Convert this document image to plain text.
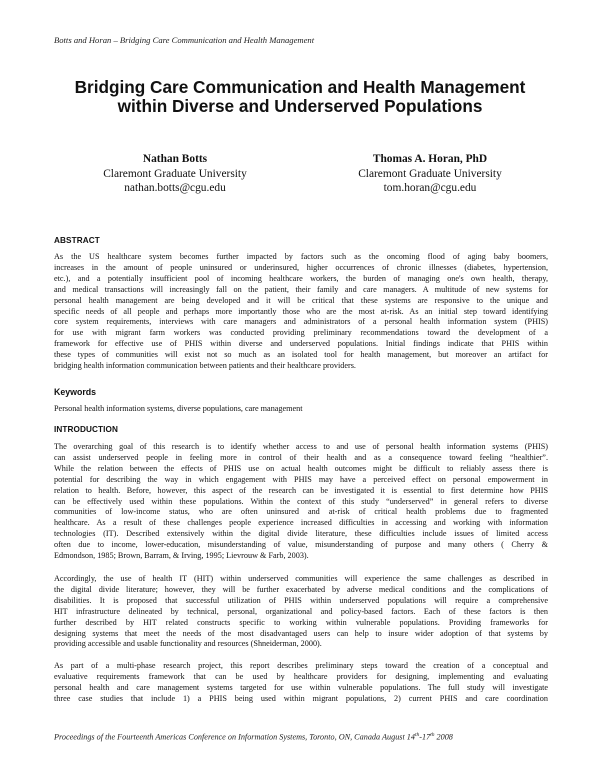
Botts and Horan – Bridging Care Communication and Health Management
Bridging Care Communication and Health Management
within Diverse and Underserved Populations
Nathan Botts
Claremont Graduate University
nathan.botts@cgu.edu
Thomas A. Horan, PhD
Claremont Graduate University
tom.horan@cgu.edu
ABSTRACT
As the US healthcare system becomes further impacted by factors such as the oncoming flood of aging baby boomers,
increases in the amount of people uninsured or underinsured, higher occurrences of chronic illnesses (diabetes, hypertension,
etc.), and a potentially insufficient pool of incoming healthcare workers, the burden of managing one's own health, therapy,
and medical transactions will increasingly fall on the patient, their family and care managers. A multitude of new systems for
personal health management are being developed and it will be critical that these systems are responsive to the unique and
specific needs of all people and perhaps more importantly those who are the most at-risk. As an initial step toward identifying
core system requirements, interviews with care managers and administrators of a personal health information system (PHIS)
for use with migrant farm workers was conducted providing preliminary recommendations toward the development of a
framework for effective use of PHIS within diverse and underserved populations. Initial findings indicate that PHIS within
these types of communities will exist not so much as an isolated tool for health management, but moreover an artifact for
bridging health information communication between patients and their healthcare providers.
Keywords
Personal health information systems, diverse populations, care management
INTRODUCTION
The overarching goal of this research is to identify whether access to and use of personal health information systems (PHIS)
can assist underserved people in feeling more in control of their health and as a consequence toward feeling “healthier”.
While the relation between the effects of PHIS use on actual health outcomes might be difficult to reliably assess there is
potential for describing the way in which engagement with PHIS may have a perceived effect on personal empowerment in
relation to health. Before, however, this aspect of the research can be investigated it is essential to first determine how PHIS
can be effectively used within these populations. Within the context of this study “underserved” in general refers to diverse
communities of low-income status, who are often uninsured and at-risk of critical health problems due to fragmented
healthcare. As a result of these challenges people experience increased difficulties in accessing and working with information
technologies (IT). Described extensively within the digital divide literature, these difficulties include issues of limited access
often due to income, lower-education, misunderstanding of value, misunderstanding of purpose and many others ( Cherry &
Edmondson, 1985; Brown, Barram, & Irving, 1995; Lievrouw & Farb, 2003).
Accordingly, the use of health IT (HIT) within underserved communities will experience the same challenges as described in
the digital divide literature; however, they will be further exacerbated by adverse medical conditions and the complications of
disabilities. It is proposed that successful utilization of PHIS within underserved populations will require a comprehensive
HIT infrastructure delineated by technical, personal, organizational and policy-based factors. Each of these factors is then
further described by HIT related constructs specific to working within vulnerable populations. Providing frameworks for
designing systems that meet the needs of the most disadvantaged users can help to insure wider adoption of that systems by
providing accessible and usable functionality and resources (Shneiderman, 2000).
As part of a multi-phase research project, this report describes preliminary steps toward the creation of a conceptual and
evaluative requirements framework that can be used by healthcare providers for designing, implementing and evaluating
personal health and care management systems targeted for use within vulnerable populations. The full study will investigate
three case studies that include 1) a PHIS being used within migrant populations, 2) current PHIS and care coordination
Proceedings of the Fourteenth Americas Conference on Information Systems, Toronto, ON, Canada August 14th-17th 2008
